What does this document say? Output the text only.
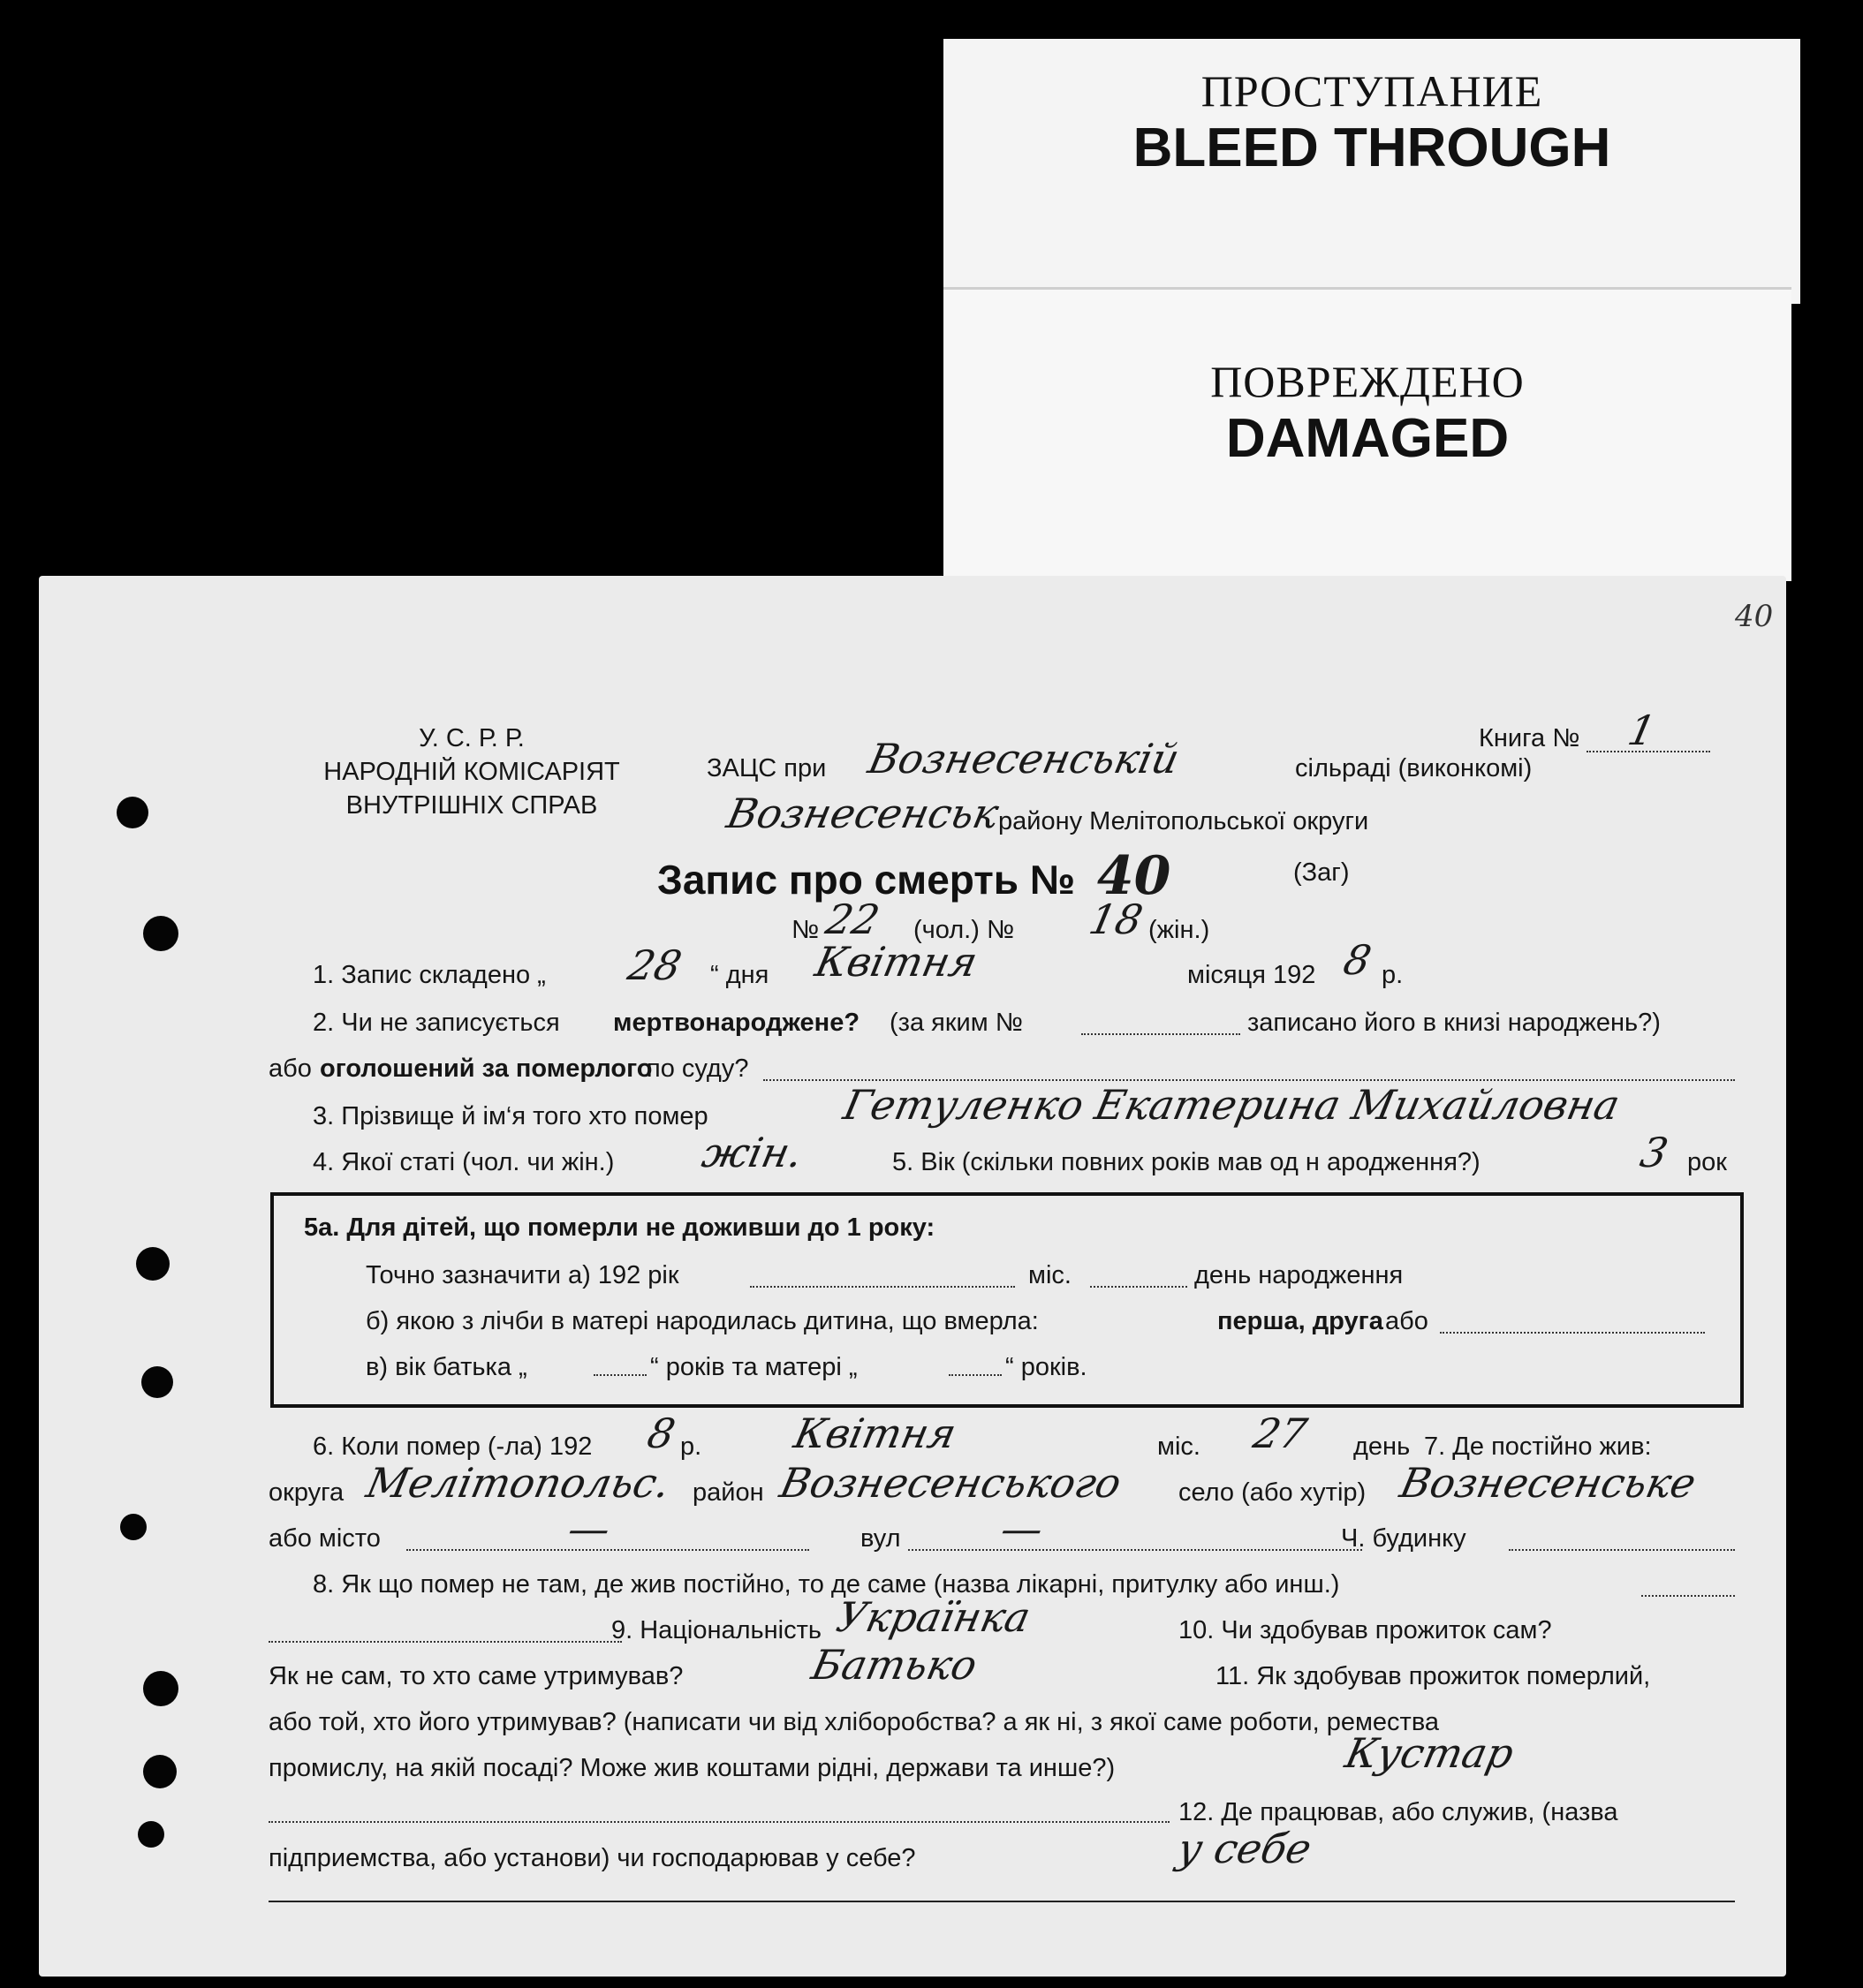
ПРОСТУПАНИЕ
BLEED THROUGH
ПОВРЕЖДЕНО
DAMAGED
40
У. С. Р. Р.
НАРОДНІЙ КОМІСАРІЯТ
ВНУТРІШНІХ СПРАВ
Книга № 1
ЗАЦС при Вознесенській	сільраді (виконкомі)
Вознесенськ
району Мелітопольської округи
Запис про смерть № 40	(Заг)
№ 22 (чол.) № 18 (жін.)
1. Запис складено „ 28 “ дня Квітня	місяця 192 8 р.
2. Чи не записується мертвонароджене? (за яким №	записано його в книзі народжень?)
або оголошений за померлого
по суду?
3. Прізвище й ім‘я того хто помер	Гетуленко Екатерина Михайловна
4. Якої статі (чол. чи жін.) жін.	5. Вік (скільки повних років мав од н ародження?)	3 рок
5а. Для дітей, що померли не доживши до 1 року:
Точно зазначити а) 192 рік	міс.	день народження
б) якою з лічби в матері народилась дитина, що вмерла:	перша, друга або
в) вік батька „	“ років та матері „	“ років.
6. Коли помер (-ла) 192 8 р. Квітня	міс. 27 день 7. Де постійно жив:
округа Мелітопольс. район Вознесенського село (або хутір) Вознесенське
або місто	—	вул —	Ч. будинку
8. Як що помер не там, де жив постійно, то де саме (назва лікарні, притулку або инш.)
9. Національність Українка	10. Чи здобував прожиток сам?
Як не сам, то хто саме утримував?	Батько	11. Як здобував прожиток померлий,
або той, хто його утримував? (написати чи від хліборобства? а як ні, з якої саме роботи, ремества
промислу, на якій посаді? Може жив коштами рідні, держави та инше?)	Кустар
12. Де працював, або служив, (назва
підприемства, або установи) чи господарював у себе?	у себе
